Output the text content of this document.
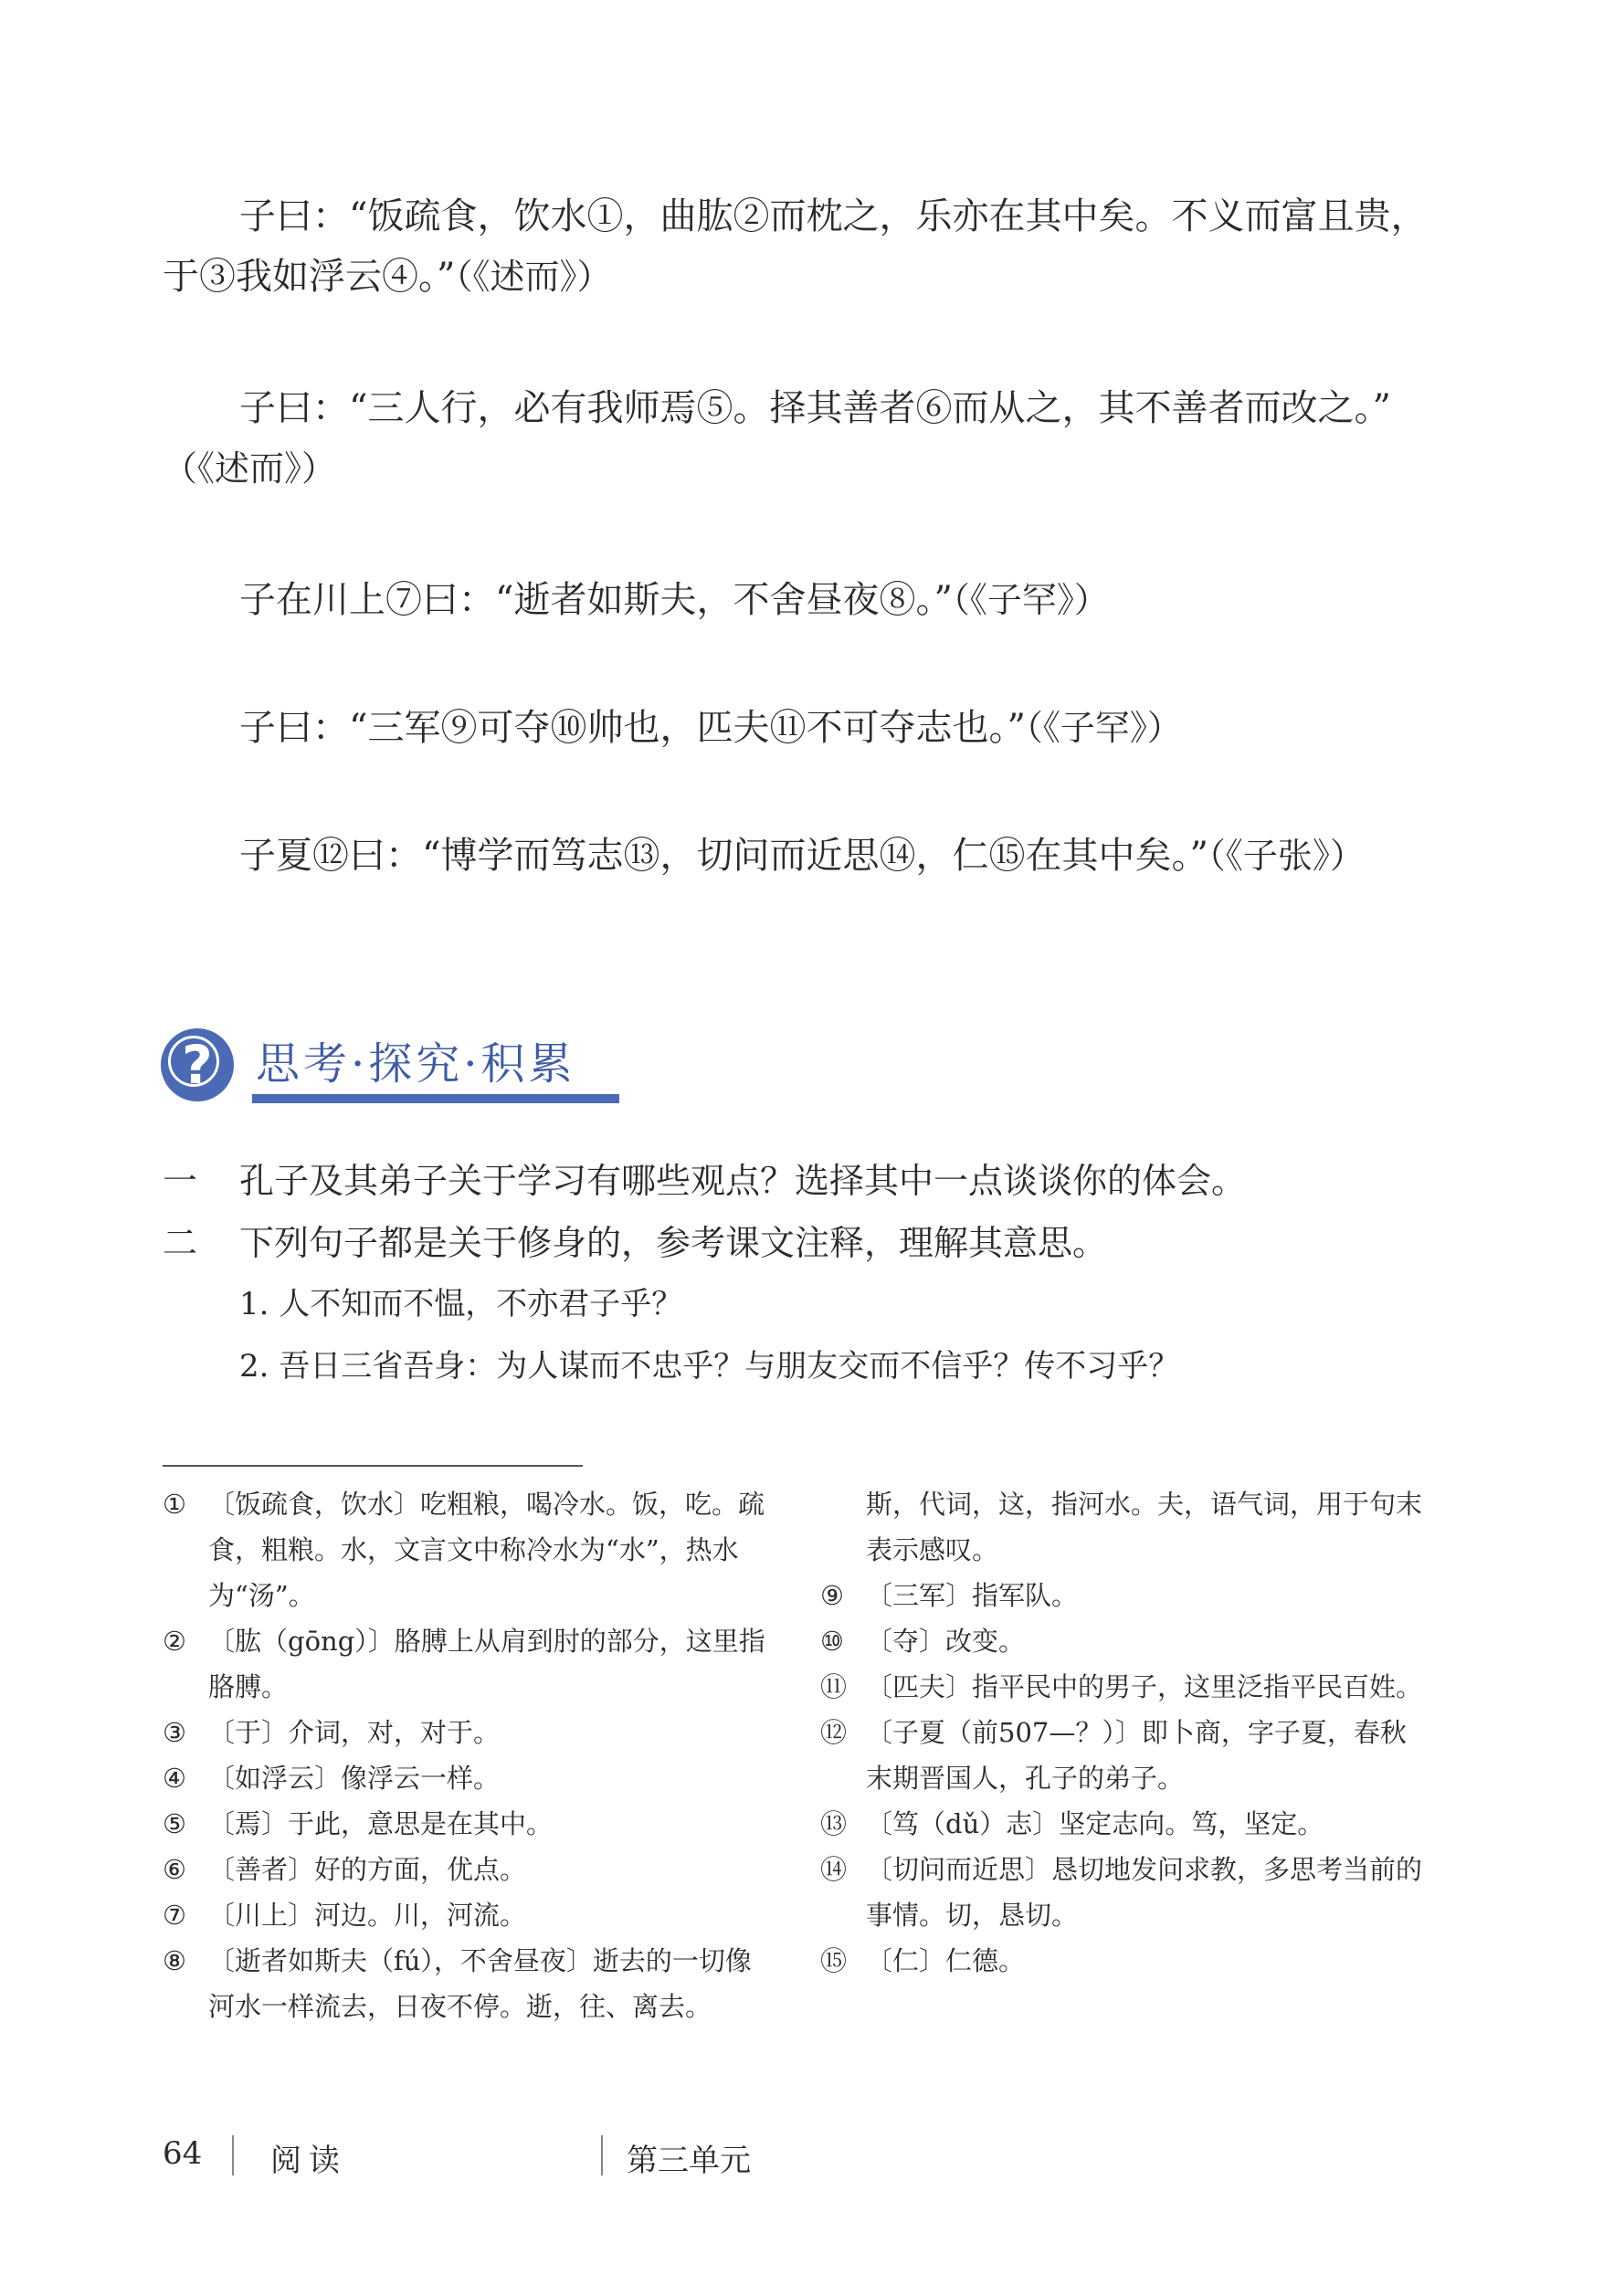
子曰：“饭疏食，饮水①，曲肱②而枕之，乐亦在其中矣。不义而富且贵，
于③我如浮云④。”（《述而》）
子曰：“三人行，必有我师焉⑤。择其善者⑥而从之，其不善者而改之。”
（《述而》）
子在川上⑦曰：“逝者如斯夫，不舍昼夜⑧。”（《子罕》）
子曰：“三军⑨可夺⑩帅也，匹夫⑪不可夺志也。”（《子罕》）
子夏⑫曰：“博学而笃志⑬，切问而近思⑭，仁⑮在其中矣。”（《子张》）
? 思考·探究·积累
一 孔子及其弟子关于学习有哪些观点？选择其中一点谈谈你的体会。
二 下列句子都是关于修身的，参考课文注释，理解其意思。
1. 人不知而不愠，不亦君子乎？
2. 吾日三省吾身：为人谋而不忠乎？与朋友交而不信乎？传不习乎？
① 〔饭疏食，饮水〕吃粗粮，喝冷水。饭，吃。疏食，粗粮。水，文言文中称冷水为“水”，热水为“汤”。
② 〔肱（gōng）〕胳膊上从肩到肘的部分，这里指胳膊。
③ 〔于〕介词，对，对于。
④ 〔如浮云〕像浮云一样。
⑤ 〔焉〕于此，意思是在其中。
⑥ 〔善者〕好的方面，优点。
⑦ 〔川上〕河边。川，河流。
⑧ 〔逝者如斯夫（fú），不舍昼夜〕逝去的一切像河水一样流去，日夜不停。逝，往、离去。
斯，代词，这，指河水。夫，语气词，用于句末表示感叹。
⑨ 〔三军〕指军队。
⑩ 〔夺〕改变。
⑪ 〔匹夫〕指平民中的男子，这里泛指平民百姓。
⑫ 〔子夏（前507—？）〕即卜商，字子夏，春秋末期晋国人，孔子的弟子。
⑬ 〔笃（dǔ）志〕坚定志向。笃，坚定。
⑭ 〔切问而近思〕恳切地发问求教，多思考当前的事情。切，恳切。
⑮ 〔仁〕仁德。
64 阅读	第三单元
